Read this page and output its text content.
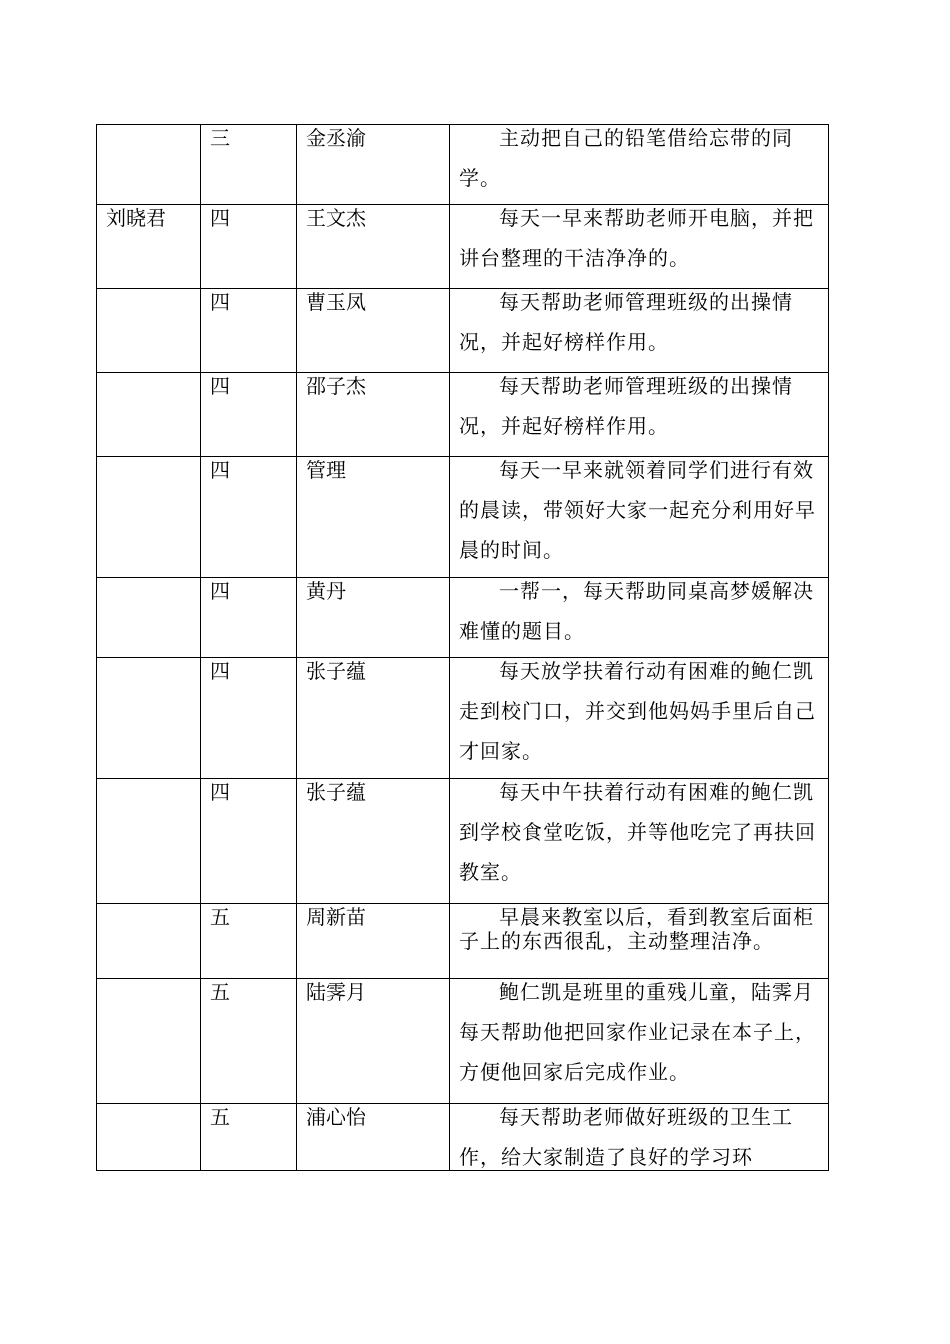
	三	金丞渝	主动把自己的铅笔借给忘带的同学。

刘晓君	四	王文杰	每天一早来帮助老师开电脑，并把讲台整理的干洁净净的。

	四	曹玉凤	每天帮助老师管理班级的出操情况，并起好榜样作用。

	四	邵子杰	每天帮助老师管理班级的出操情况，并起好榜样作用。

	四	管理	每天一早来就领着同学们进行有效的晨读，带领好大家一起充分利用好早晨的时间。

	四	黄丹	一帮一，每天帮助同桌高梦媛解决难懂的题目。

	四	张子蕴	每天放学扶着行动有困难的鲍仁凯走到校门口，并交到他妈妈手里后自己才回家。

	四	张子蕴	每天中午扶着行动有困难的鲍仁凯到学校食堂吃饭，并等他吃完了再扶回教室。

	五	周新苗	早晨来教室以后，看到教室后面柜子上的东西很乱，主动整理洁净。

	五	陆霁月	鲍仁凯是班里的重残儿童，陆霁月每天帮助他把回家作业记录在本子上，方便他回家后完成作业。

	五	浦心怡	每天帮助老师做好班级的卫生工作，给大家制造了良好的学习环
